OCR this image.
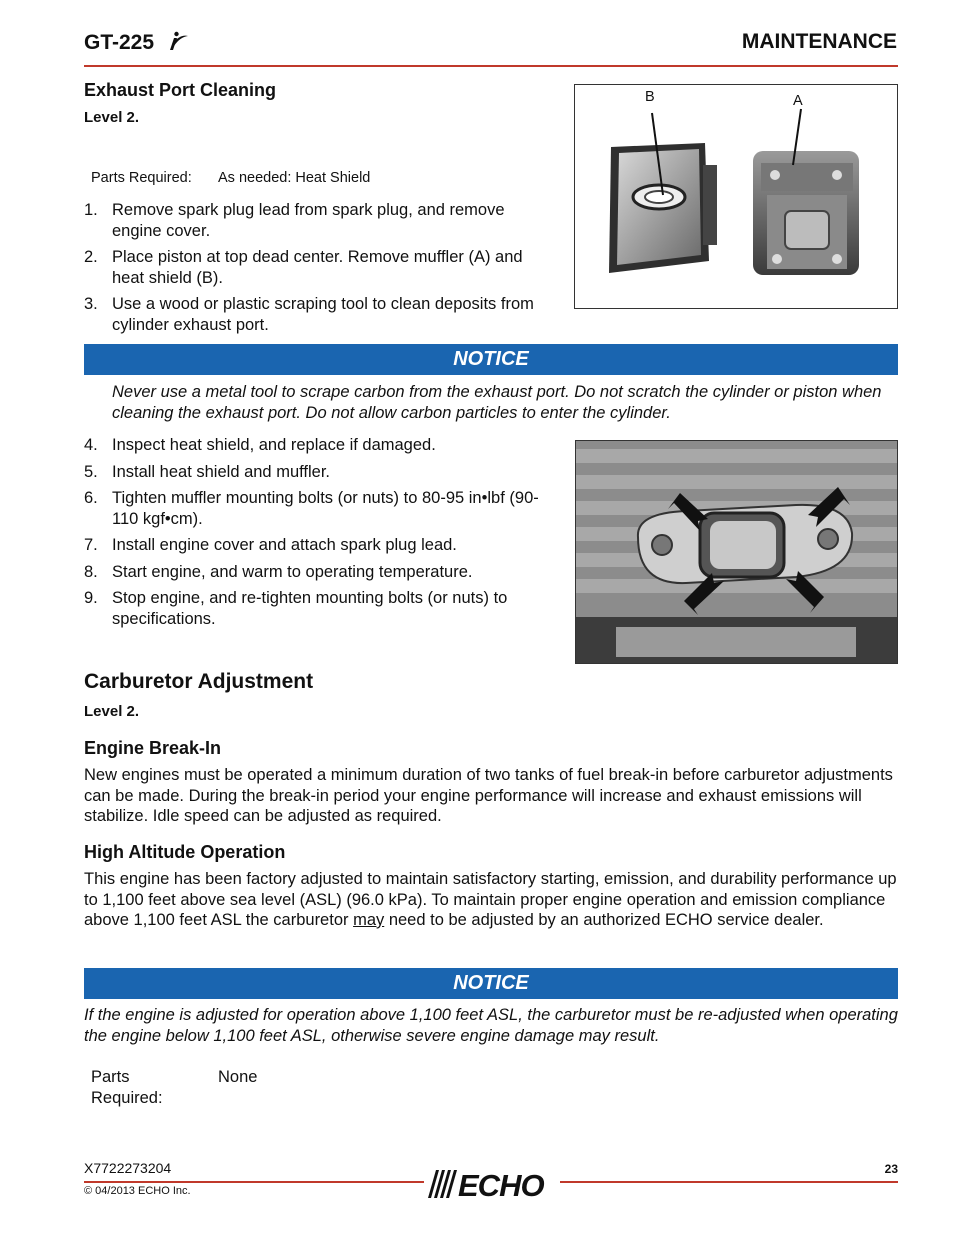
GT-225	MAINTENANCE
Exhaust Port Cleaning
Level 2.
Parts Required: As needed: Heat Shield
1. Remove spark plug lead from spark plug, and remove engine cover.
2. Place piston at top dead center. Remove muffler (A) and heat shield (B).
3. Use a wood or plastic scraping tool to clean deposits from cylinder exhaust port.
B	A
NOTICE
Never use a metal tool to scrape carbon from the exhaust port. Do not scratch the cylinder or piston when cleaning the exhaust port. Do not allow carbon particles to enter the cylinder.
4. Inspect heat shield, and replace if damaged.
5. Install heat shield and muffler.
6. Tighten muffler mounting bolts (or nuts) to 80-95 in•lbf (90-110 kgf•cm).
7. Install engine cover and attach spark plug lead.
8. Start engine, and warm to operating temperature.
9. Stop engine, and re-tighten mounting bolts (or nuts) to specifications.
Carburetor Adjustment
Level 2.
Engine Break-In
New engines must be operated a minimum duration of two tanks of fuel break-in before carburetor adjustments can be made. During the break-in period your engine performance will increase and exhaust emissions will stabilize. Idle speed can be adjusted as required.
High Altitude Operation
This engine has been factory adjusted to maintain satisfactory starting, emission, and durability performance up to 1,100 feet above sea level (ASL) (96.0 kPa). To maintain proper engine operation and emission compliance above 1,100 feet ASL the carburetor may need to be adjusted by an authorized ECHO service dealer.
NOTICE
If the engine is adjusted for operation above 1,100 feet ASL, the carburetor must be re-adjusted when operating the engine below 1,100 feet ASL, otherwise severe engine damage may result.
Parts Required:
None
X7722273204
© 04/2013 ECHO Inc.
23
ECHO
